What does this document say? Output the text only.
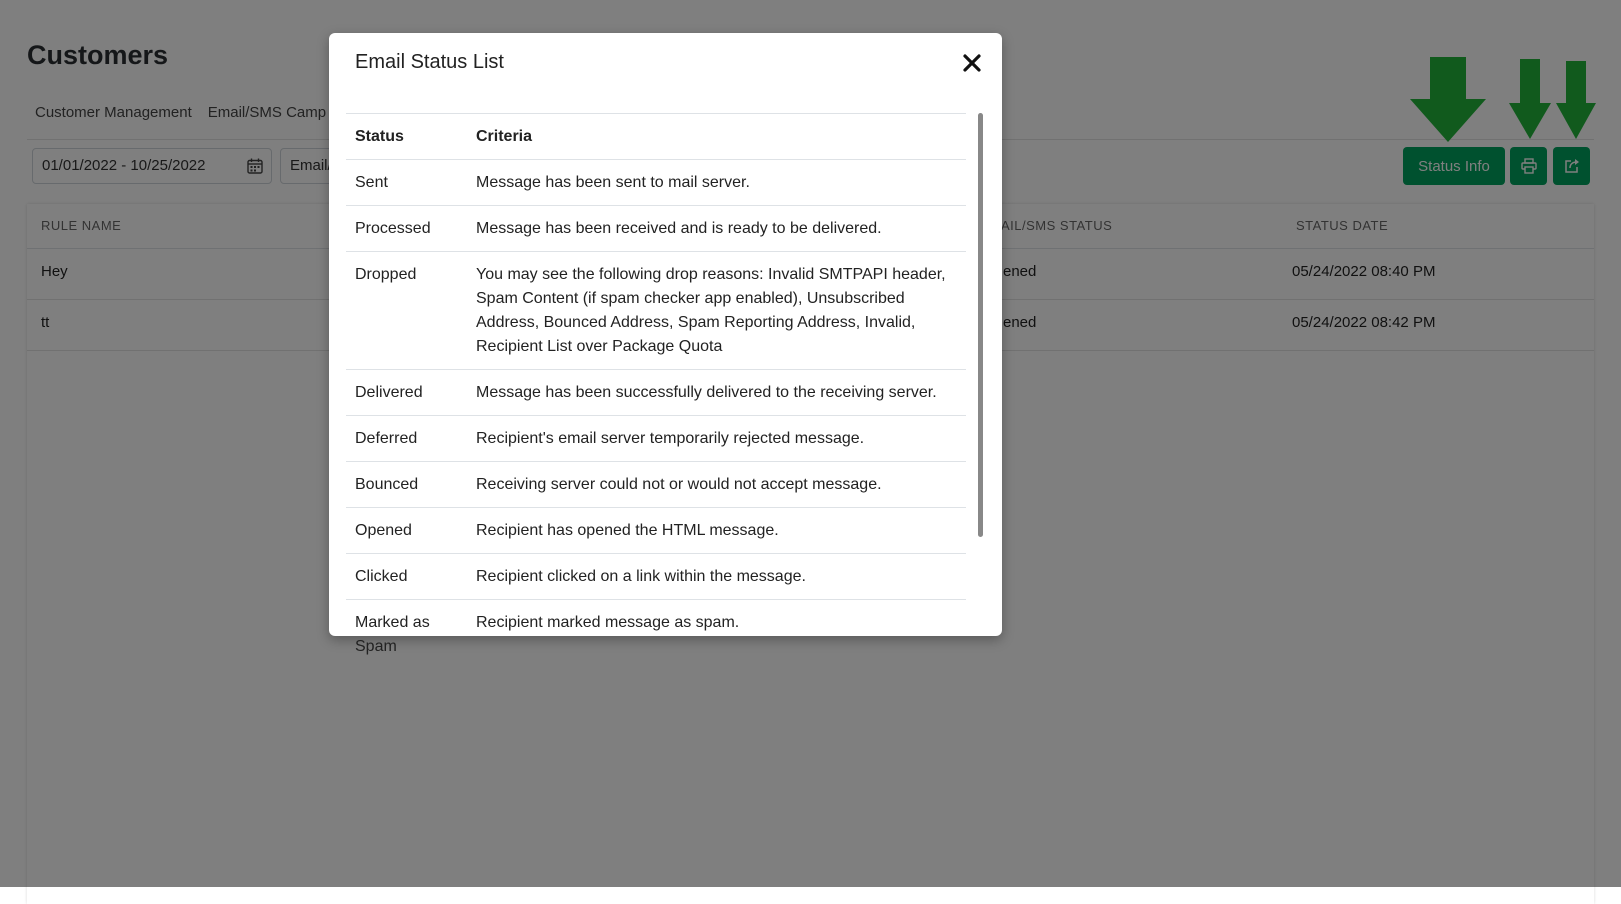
Email Status List
Status	Criteria
Sent	Message has been sent to mail server.
Processed	Message has been received and is ready to be delivered.
Dropped	You may see the following drop reasons: Invalid SMTPAPI header, Spam Content (if spam checker app enabled), Unsubscribed Address, Bounced Address, Spam Reporting Address, Invalid, Recipient List over Package Quota
Delivered	Message has been successfully delivered to the receiving server.
Deferred	Recipient's email server temporarily rejected message.
Bounced	Receiving server could not or would not accept message.
Opened	Recipient has opened the HTML message.
Clicked	Recipient clicked on a link within the message.
Marked as Spam	Recipient marked message as spam.
